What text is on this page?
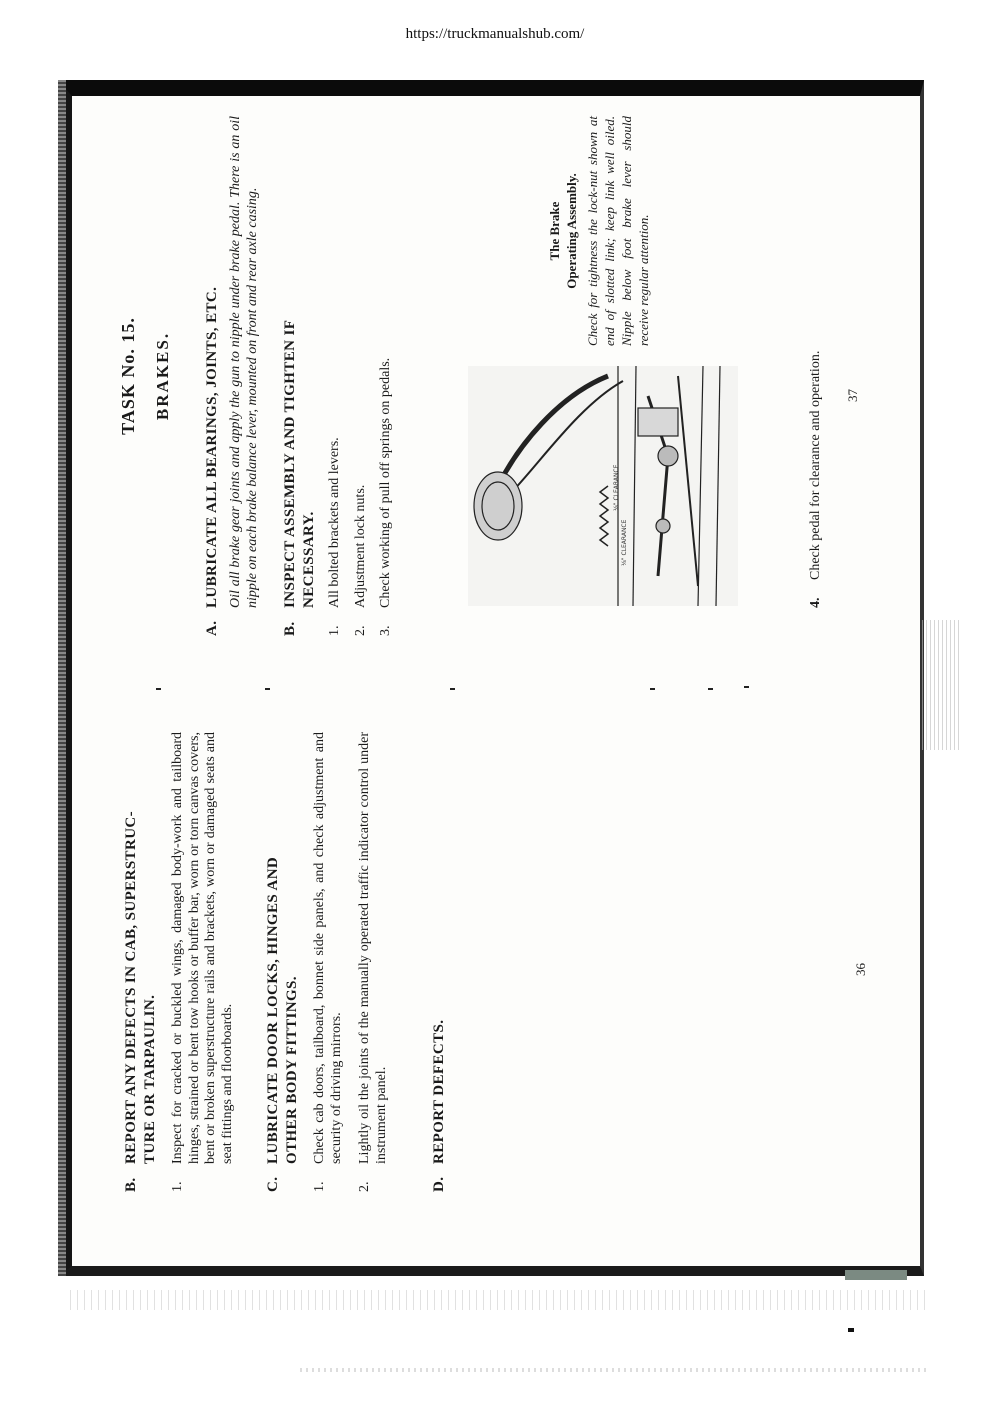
https://truckmanualshub.com/

B.REPORT ANY DEFECTS IN CAB, SUPERSTRUC- TURE OR TARPAULIN.

1.
Inspect for cracked or buckled wings, damaged body-work and tailboard hinges, strained or bent tow hooks or buffer bar, worn or torn canvas covers, bent or broken superstructure rails and brackets, worn or damaged seats and seat fittings and floorboards.

C.LUBRICATE DOOR LOCKS, HINGES AND OTHER BODY FITTINGS.

1.
Check cab doors, tailboard, bonnet side panels, and check adjustment and security of driving mirrors.
2.
Lightly oil the joints of the manually operated traffic indicator control under instrument panel.

D.REPORT DEFECTS.

36

TASK No. 15. BRAKES.

A.LUBRICATE ALL BEARINGS, JOINTS, ETC. Oil all brake gear joints and apply the gun to nipple under brake pedal. There is an oil nipple on each brake balance lever, mounted on front and rear axle casing.

B.INSPECT ASSEMBLY AND TIGHTEN IF NECESSARY.

1.
All bolted brackets and levers.
2.
Adjustment lock nuts.
3.
Check working of pull off springs on pedals.	⅛" CLEARANCE
⅛" CLEARANCE
The Brake Operating Assembly. Check for tightness the lock-nut shown at end of slotted link; keep link well oiled. Nipple below foot brake lever should receive regular attention.
4.
Check pedal for clearance and operation. 37
